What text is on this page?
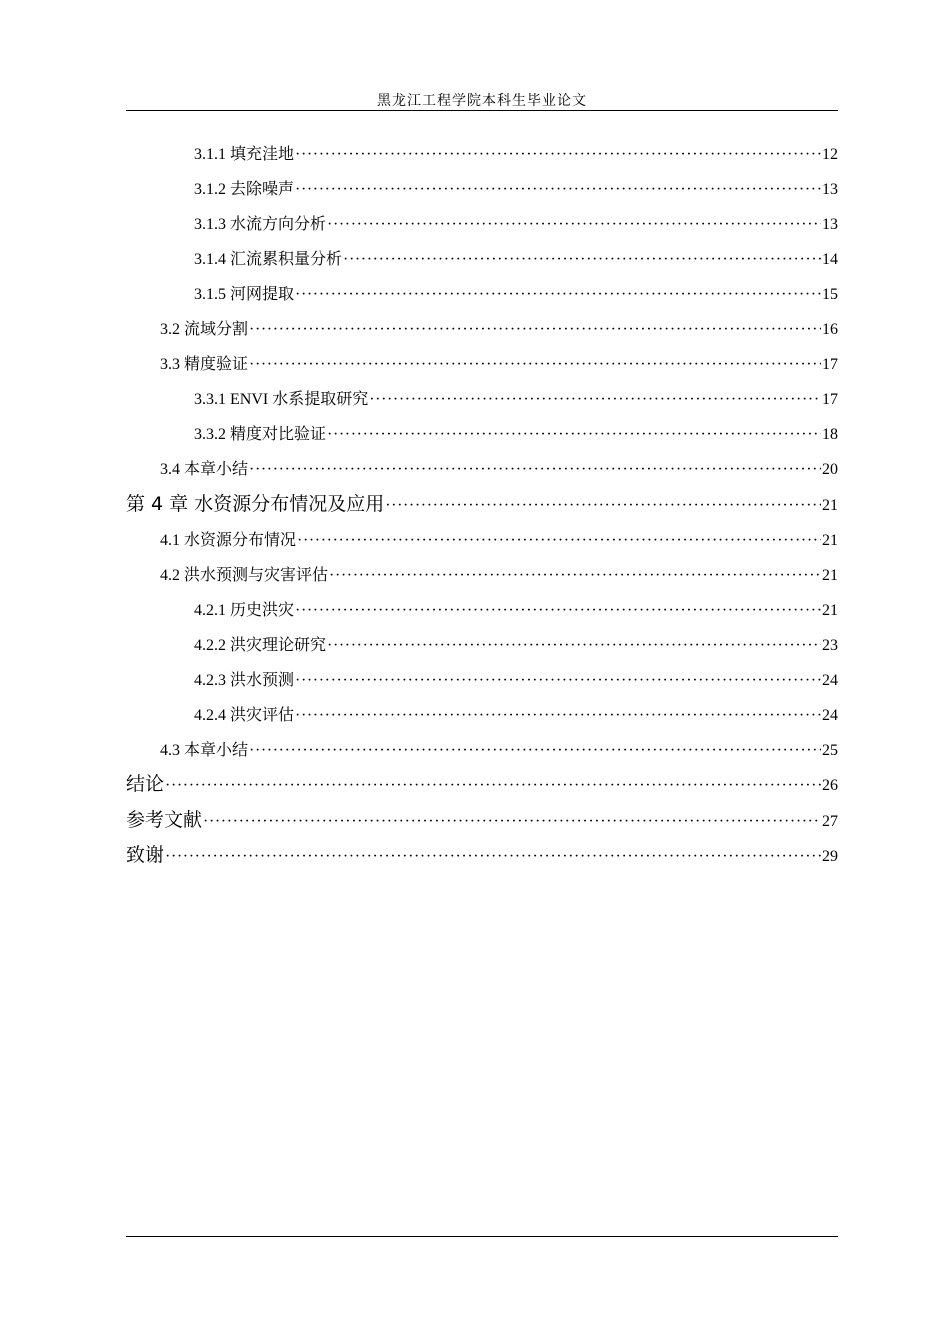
黑龙江工程学院本科生毕业论文
3.1.1 填充洼地 ·····	12
3.1.2 去除噪声 ·····	13
3.1.3 水流方向分析 ·····	13
3.1.4 汇流累积量分析 ·····	14
3.1.5 河网提取 ·····	15
3.2 流域分割 ·····	16
3.3 精度验证 ·····	17
3.3.1 ENVI 水系提取研究 ·····	17
3.3.2 精度对比验证 ·····	18
3.4 本章小结 ·····	20
第 4 章 水资源分布情况及应用 ·····	21
4.1 水资源分布情况 ·····	21
4.2 洪水预测与灾害评估 ·····	21
4.2.1 历史洪灾 ·····	21
4.2.2 洪灾理论研究 ·····	23
4.2.3 洪水预测 ·····	24
4.2.4 洪灾评估 ·····	24
4.3 本章小结 ·····	25
结论 ·····	26
参考文献 ·····	27
致谢 ·····	29
